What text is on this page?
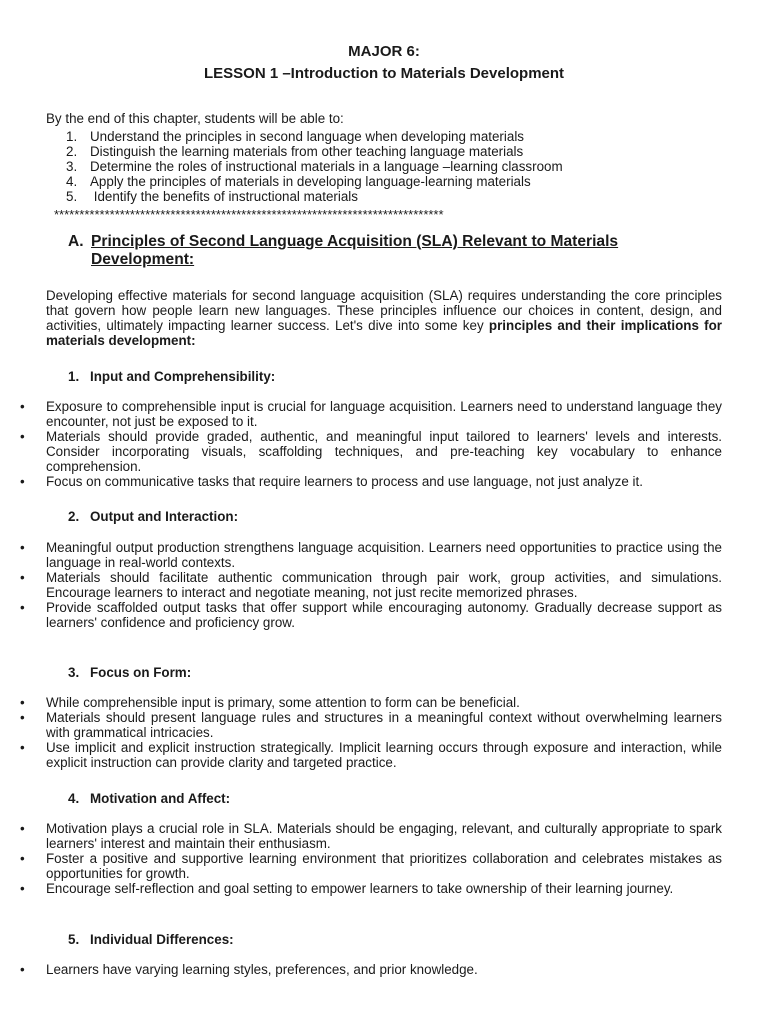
MAJOR 6:
LESSON 1 –Introduction to Materials Development
By the end of this chapter, students will be able to:
1. Understand the principles in second language when developing materials
2. Distinguish the learning materials from other teaching language materials
3. Determine the roles of instructional materials in a language –learning classroom
4. Apply the principles of materials in developing language-learning materials
5. Identify the benefits of instructional materials
*****************************************************************************
A. Principles of Second Language Acquisition (SLA) Relevant to Materials Development:
Developing effective materials for second language acquisition (SLA) requires understanding the core principles that govern how people learn new languages. These principles influence our choices in content, design, and activities, ultimately impacting learner success. Let's dive into some key principles and their implications for materials development:
1. Input and Comprehensibility:
• Exposure to comprehensible input is crucial for language acquisition. Learners need to understand language they encounter, not just be exposed to it.
• Materials should provide graded, authentic, and meaningful input tailored to learners' levels and interests. Consider incorporating visuals, scaffolding techniques, and pre-teaching key vocabulary to enhance comprehension.
• Focus on communicative tasks that require learners to process and use language, not just analyze it.
2. Output and Interaction:
• Meaningful output production strengthens language acquisition. Learners need opportunities to practice using the language in real-world contexts.
• Materials should facilitate authentic communication through pair work, group activities, and simulations. Encourage learners to interact and negotiate meaning, not just recite memorized phrases.
• Provide scaffolded output tasks that offer support while encouraging autonomy. Gradually decrease support as learners' confidence and proficiency grow.
3. Focus on Form:
• While comprehensible input is primary, some attention to form can be beneficial.
• Materials should present language rules and structures in a meaningful context without overwhelming learners with grammatical intricacies.
• Use implicit and explicit instruction strategically. Implicit learning occurs through exposure and interaction, while explicit instruction can provide clarity and targeted practice.
4. Motivation and Affect:
• Motivation plays a crucial role in SLA. Materials should be engaging, relevant, and culturally appropriate to spark learners' interest and maintain their enthusiasm.
• Foster a positive and supportive learning environment that prioritizes collaboration and celebrates mistakes as opportunities for growth.
• Encourage self-reflection and goal setting to empower learners to take ownership of their learning journey.
5. Individual Differences:
• Learners have varying learning styles, preferences, and prior knowledge.
